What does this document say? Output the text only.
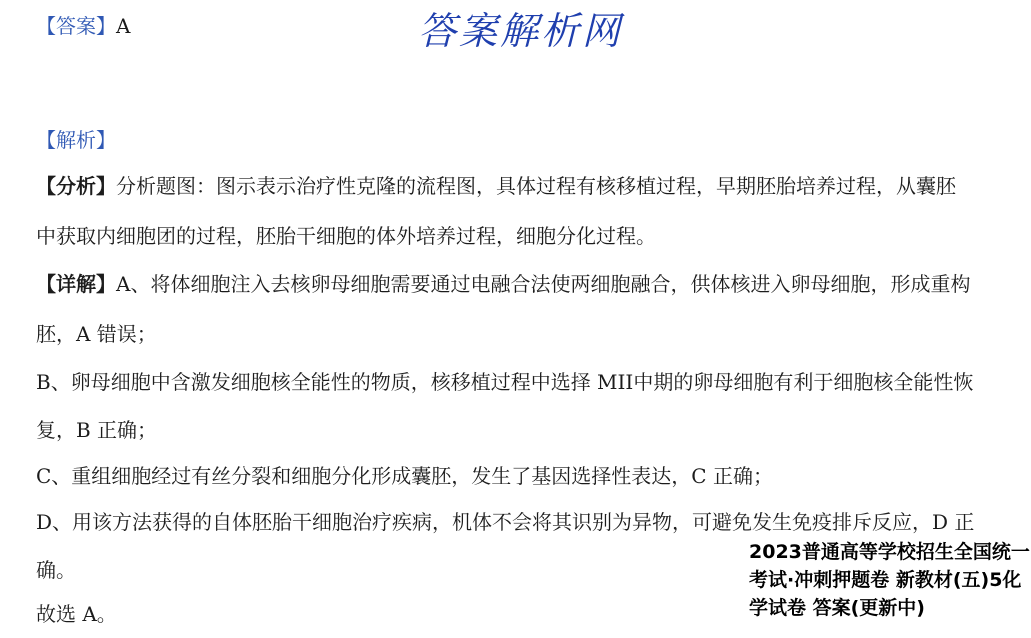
【答案】A	答案解析网
【解析】
【分析】分析题图：图示表示治疗性克隆的流程图，具体过程有核移植过程，早期胚胎培养过程，从囊胚
中获取内细胞团的过程，胚胎干细胞的体外培养过程，细胞分化过程。
【详解】A、将体细胞注入去核卵母细胞需要通过电融合法使两细胞融合，供体核进入卵母细胞，形成重构
胚，A 错误；
B、卵母细胞中含激发细胞核全能性的物质，核移植过程中选择 MII中期的卵母细胞有利于细胞核全能性恢
复，B 正确；
C、重组细胞经过有丝分裂和细胞分化形成囊胚，发生了基因选择性表达，C 正确；
D、用该方法获得的自体胚胎干细胞治疗疾病，机体不会将其识别为异物，可避免发生免疫排斥反应，D 正
确。
故选 A。
2023普通高等学校招生全国统一考试·冲刺押题卷 新教材(五)5化学试卷 答案(更新中)
